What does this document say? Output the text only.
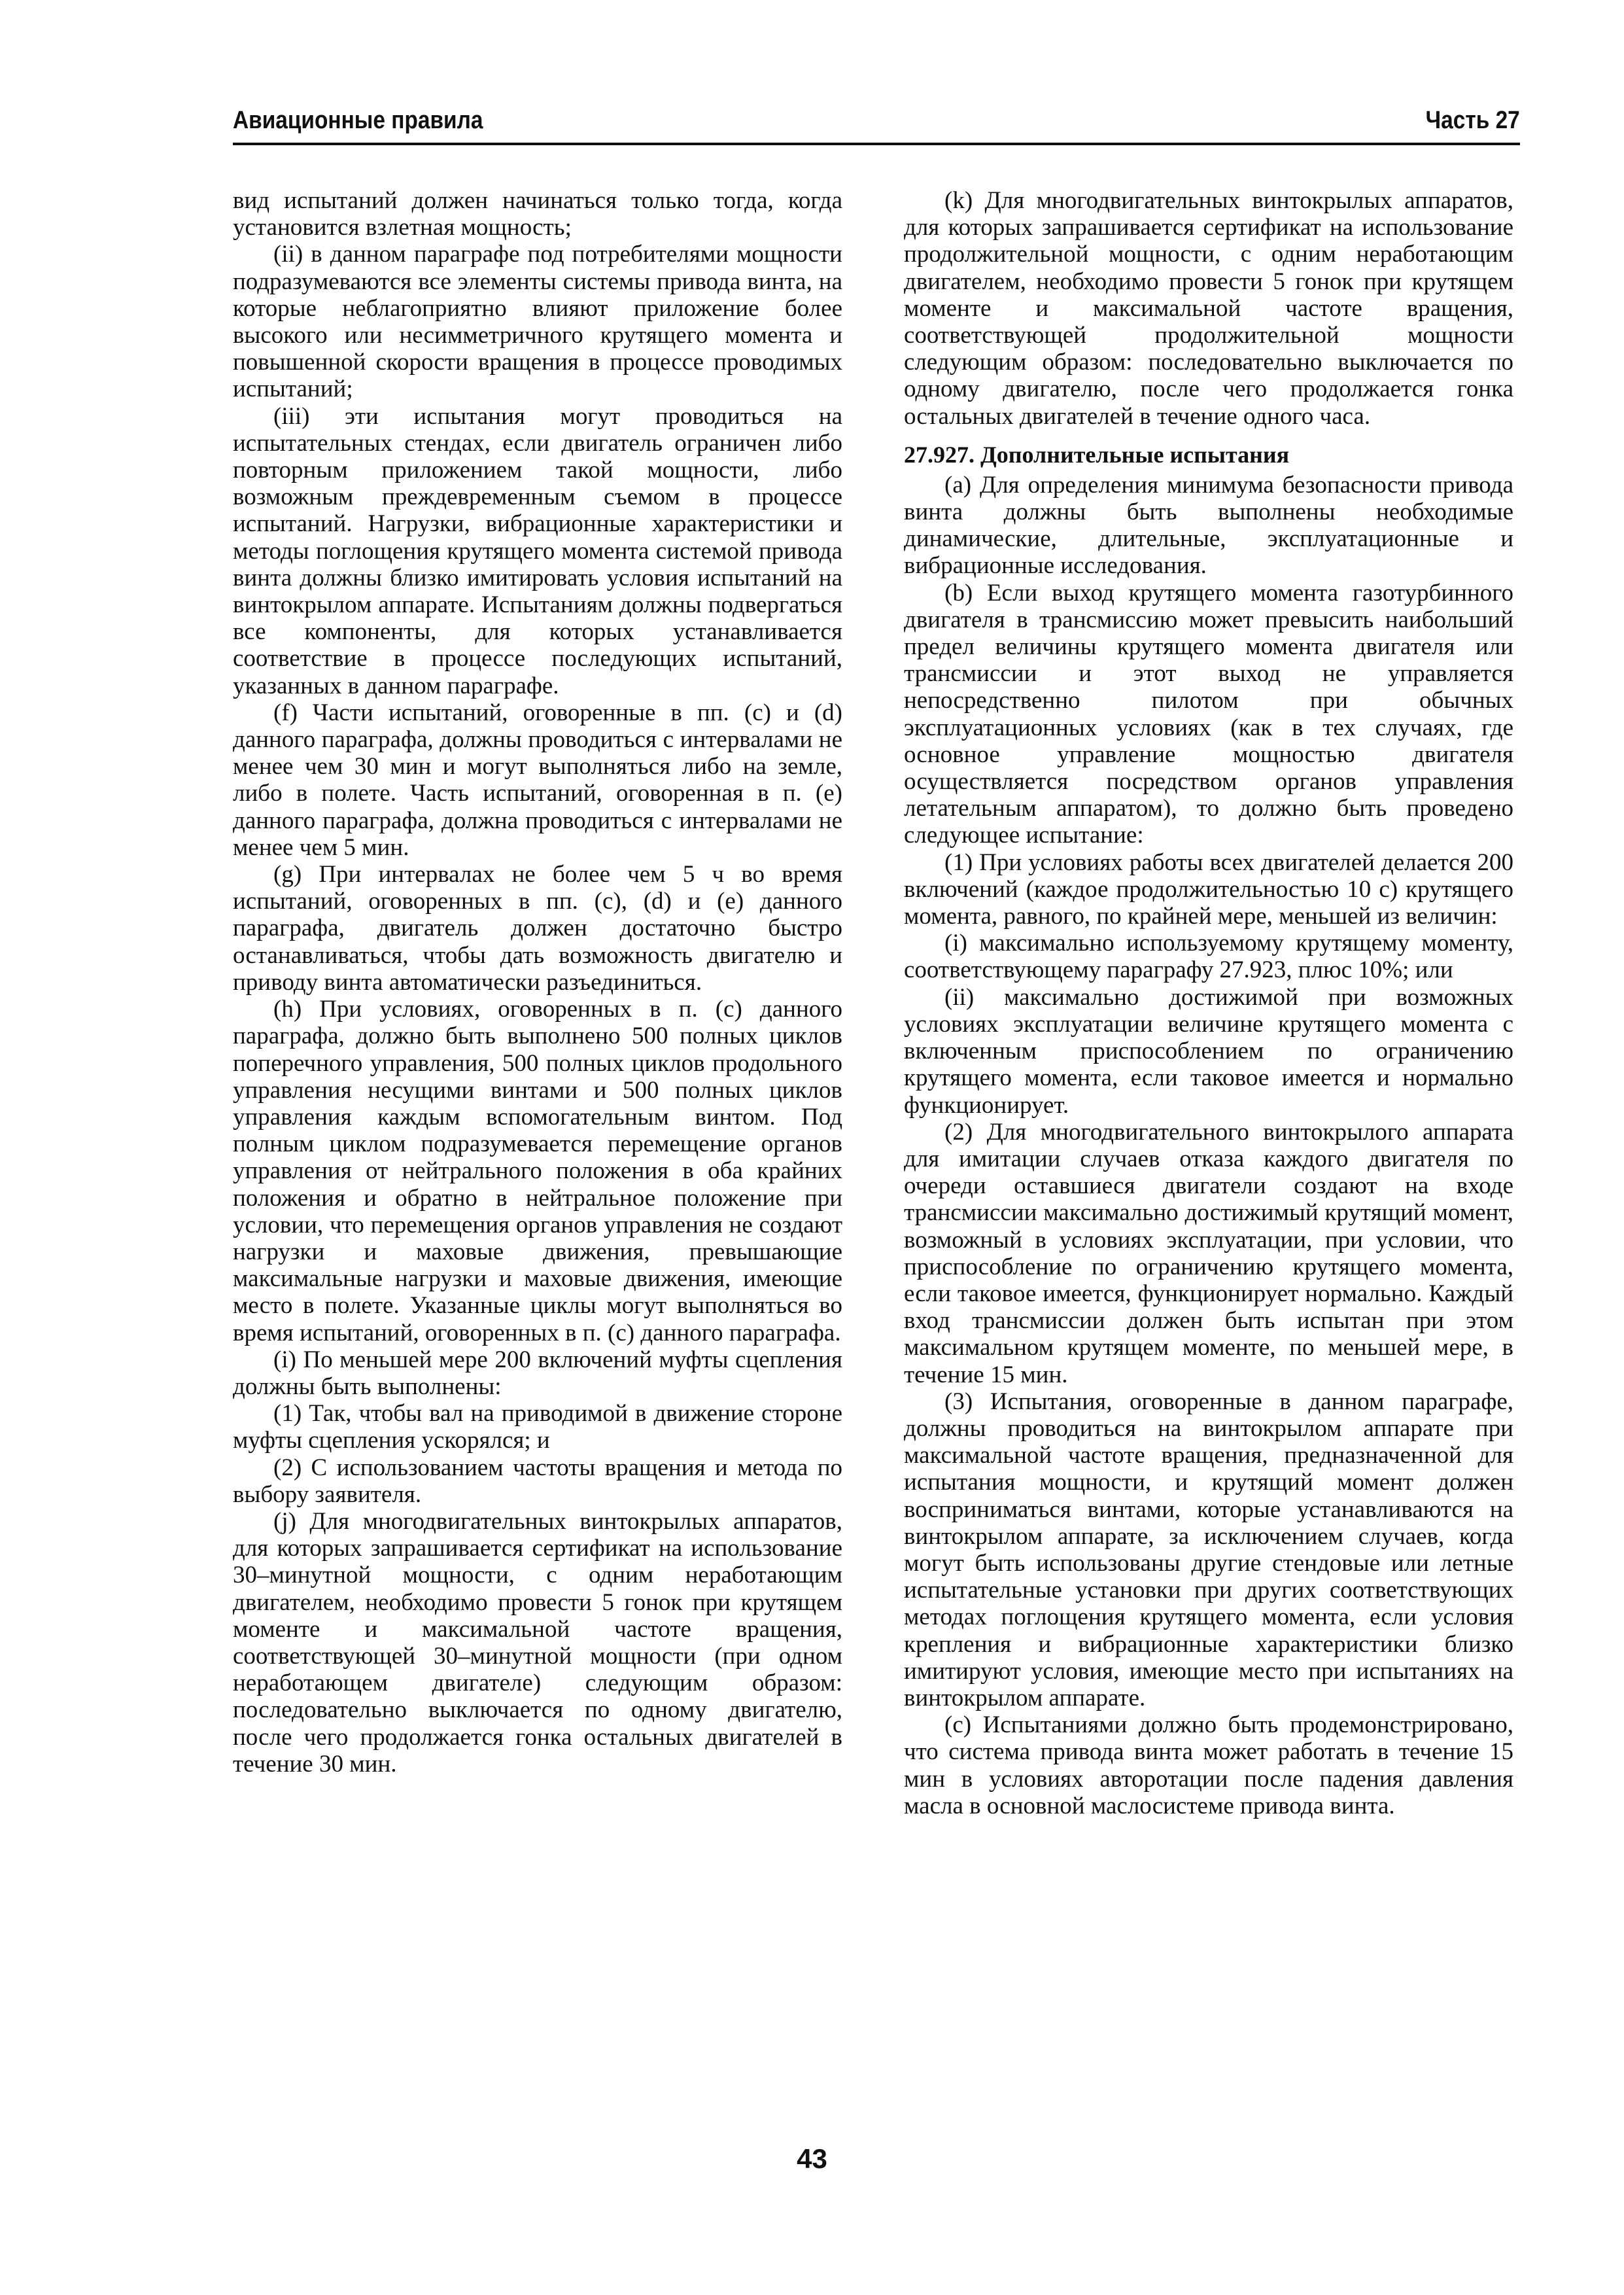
Авиационные правила	Часть 27

вид испытаний должен начинаться только тогда, когда установится взлетная мощность;

(ii) в данном параграфе под потребителями мощности подразумеваются все элементы системы привода винта, на которые неблагоприятно влияют приложение более высокого или несимметричного крутящего момента и повышенной скорости вращения в процессе проводимых испытаний;

(iii) эти испытания могут проводиться на испытательных стендах, если двигатель ограничен либо повторным приложением такой мощности, либо возможным преждевременным съемом в процессе испытаний. Нагрузки, вибрационные характеристики и методы поглощения крутящего момента системой привода винта должны близко имитировать условия испытаний на винтокрылом аппарате. Испытаниям должны подвергаться все компоненты, для которых устанавливается соответствие в процессе последующих испытаний, указанных в данном параграфе.

(f) Части испытаний, оговоренные в пп. (c) и (d) данного параграфа, должны проводиться с интервалами не менее чем 30 мин и могут выполняться либо на земле, либо в полете. Часть испытаний, оговоренная в п. (e) данного параграфа, должна проводиться с интервалами не менее чем 5 мин.

(g) При интервалах не более чем 5 ч во время испытаний, оговоренных в пп. (c), (d) и (e) данного параграфа, двигатель должен достаточно быстро останавливаться, чтобы дать возможность двигателю и приводу винта автоматически разъединиться.

(h) При условиях, оговоренных в п. (c) данного параграфа, должно быть выполнено 500 полных циклов поперечного управления, 500 полных циклов продольного управления несущими винтами и 500 полных циклов управления каждым вспомогательным винтом. Под полным циклом подразумевается перемещение органов управления от нейтрального положения в оба крайних положения и обратно в нейтральное положение при условии, что перемещения органов управления не создают нагрузки и маховые движения, превышающие максимальные нагрузки и маховые движения, имеющие место в полете. Указанные циклы могут выполняться во время испытаний, оговоренных в п. (c) данного параграфа.

(i) По меньшей мере 200 включений муфты сцепления должны быть выполнены:

(1) Так, чтобы вал на приводимой в движение стороне муфты сцепления ускорялся; и

(2) С использованием частоты вращения и метода по выбору заявителя.

(j) Для многодвигательных винтокрылых аппаратов, для которых запрашивается сертификат на использование 30–минутной мощности, с одним неработающим двигателем, необходимо провести 5 гонок при крутящем моменте и максимальной частоте вращения, соответствующей 30–минутной мощности (при одном неработающем двигателе) следующим образом: последовательно выключается по одному двигателю, после чего продолжается гонка остальных двигателей в течение 30 мин.

(k) Для многодвигательных винтокрылых аппаратов, для которых запрашивается сертификат на использование продолжительной мощности, с одним неработающим двигателем, необходимо провести 5 гонок при крутящем моменте и максимальной частоте вращения, соответствующей продолжительной мощности следующим образом: последовательно выключается по одному двигателю, после чего продолжается гонка остальных двигателей в течение одного часа.

27.927. Дополнительные испытания

(a) Для определения минимума безопасности привода винта должны быть выполнены необходимые динамические, длительные, эксплуатационные и вибрационные исследования.

(b) Если выход крутящего момента газотурбинного двигателя в трансмиссию может превысить наибольший предел величины крутящего момента двигателя или трансмиссии и этот выход не управляется непосредственно пилотом при обычных эксплуатационных условиях (как в тех случаях, где основное управление мощностью двигателя осуществляется посредством органов управления летательным аппаратом), то должно быть проведено следующее испытание:

(1) При условиях работы всех двигателей делается 200 включений (каждое продолжительностью 10 с) крутящего момента, равного, по крайней мере, меньшей из величин:

(i) максимально используемому крутящему моменту, соответствующему параграфу 27.923, плюс 10%; или

(ii) максимально достижимой при возможных условиях эксплуатации величине крутящего момента с включенным приспособлением по ограничению крутящего момента, если таковое имеется и нормально функционирует.

(2) Для многодвигательного винтокрылого аппарата для имитации случаев отказа каждого двигателя по очереди оставшиеся двигатели создают на входе трансмиссии максимально достижимый крутящий момент, возможный в условиях эксплуатации, при условии, что приспособление по ограничению крутящего момента, если таковое имеется, функционирует нормально. Каждый вход трансмиссии должен быть испытан при этом максимальном крутящем моменте, по меньшей мере, в течение 15 мин.

(3) Испытания, оговоренные в данном параграфе, должны проводиться на винтокрылом аппарате при максимальной частоте вращения, предназначенной для испытания мощности, и крутящий момент должен восприниматься винтами, которые устанавливаются на винтокрылом аппарате, за исключением случаев, когда могут быть использованы другие стендовые или летные испытательные установки при других соответствующих методах поглощения крутящего момента, если условия крепления и вибрационные характеристики близко имитируют условия, имеющие место при испытаниях на винтокрылом аппарате.

(c) Испытаниями должно быть продемонстрировано, что система привода винта может работать в течение 15 мин в условиях авторотации после падения давления масла в основной маслосистеме привода винта.

43
